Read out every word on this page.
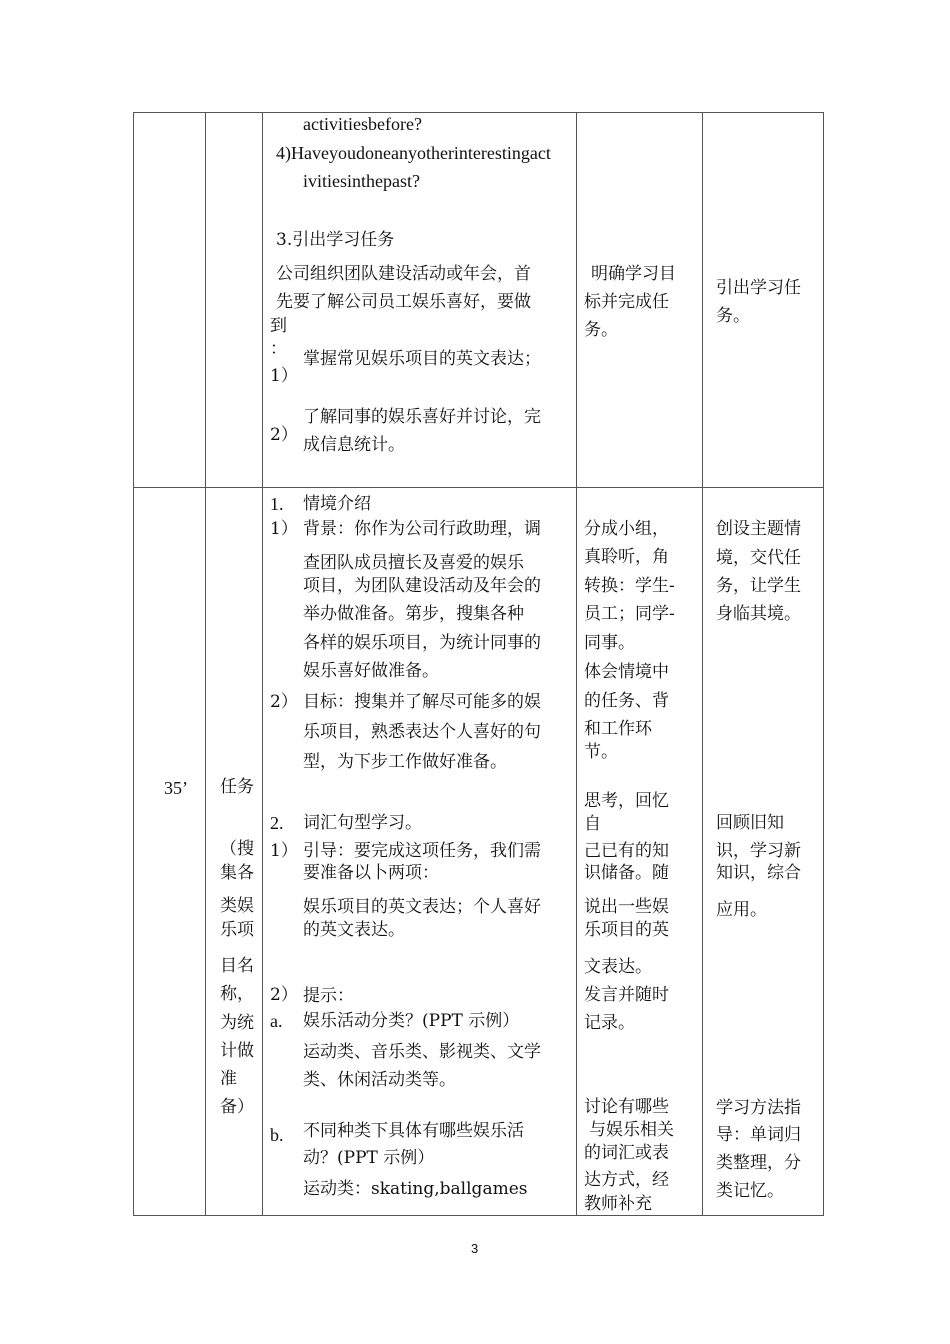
activitiesbefore?
4)Haveyoudoneanyotherinterestingact
ivitiesinthepast?
3.引出学习任务
公司组织团队建设活动或年会，首
先要了解公司员工娱乐喜好，要做
到
：
1）
掌握常见娱乐项目的英文表达；
2）
了解同事的娱乐喜好并讨论，完
成信息统计。
明确学习目
标并完成任
务。
引出学习任
务。
35’ 任务
（搜
集各
类娱
乐项
目名
称，
为统
计做
准
备）
1. 情境介绍
1） 背景：你作为公司行政助理，调
查团队成员擅长及喜爱的娱乐
项目，为团队建设活动及年会的
举办做准备。第步，搜集各种
各样的娱乐项目，为统计同事的
娱乐喜好做准备。
2） 目标：搜集并了解尽可能多的娱
乐项目，熟悉表达个人喜好的句
型，为下步工作做好准备。
2. 词汇句型学习。
1） 引导：要完成这项任务，我们需
要准备以卜两项：
娱乐项目的英文表达；个人喜好
的英文表达。
2） 提示：
a. 娱乐活动分类？(PPT 示例）
运动类、音乐类、影视类、文学
类、休闲活动类等。
b. 不同种类下具体有哪些娱乐活
动？(PPT 示例）
运动类：skating,ballgames
分成小组，
真聆听，角
转换：学生-
员工；同学-
同事。
体会情境中
的任务、背
和工作环
节。
思考，回忆
自
己已有的知
识储备。随
说出一些娱
乐项目的英
文表达。
发言并随时
记录。
讨论有哪些
与娱乐相关
的词汇或表
达方式，经
教师补充
创设主题情
境，交代任
务，让学生
身临其境。
回顾旧知
识，学习新
知识，综合
应用。
学习方法指
导：单词归
类整理，分
类记忆。
3
